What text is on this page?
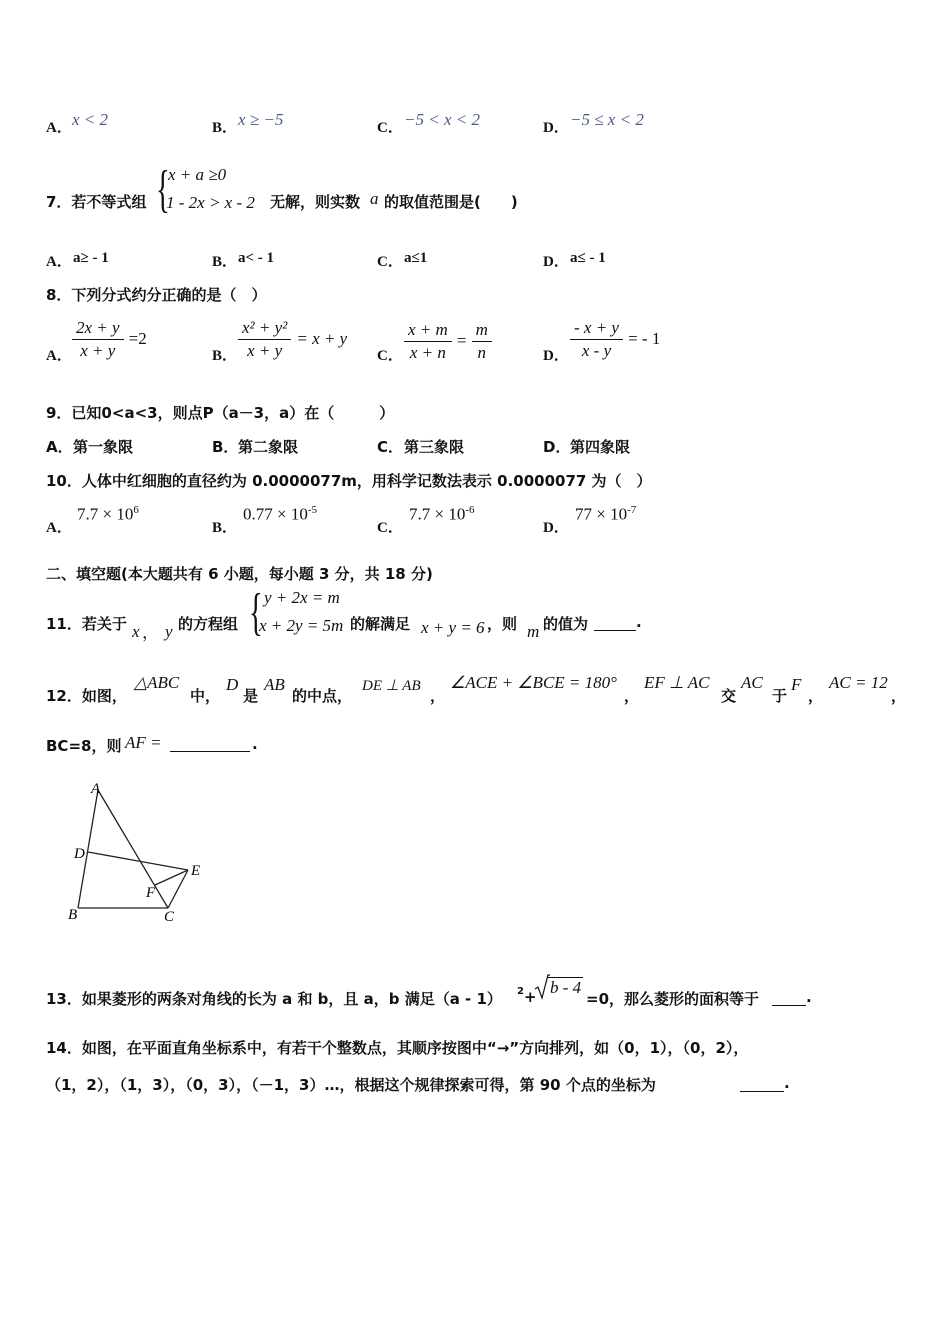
A． x < 2	B． x ≥ −5	C． −5 < x < 2	D． −5 ≤ x < 2
7．若不等式组 {
x + a ≥0
1 - 2x > x - 2 无解，则实数 a 的取值范围是(　　)
A． a≥ - 1	B． a< - 1	C． a≤1	D． a≤ - 1
8．下列分式约分正确的是（　）
A． $\frac{2x + y}{x + y} =2$
B． $\frac{\text{x² + y²}}{x + y} = x + y$
C． $\frac{x + m}{x + n} = \frac{m}{n}$	D． $\frac{- x + y}{x - y}$ = - 1
9．已知0<a<3，则点P（a－3，a）在（　　　）
A． 第一象限	B． 第二象限	C． 第三象限	D． 第四象限
10．人体中红细胞的直径约为 0.0000077m，用科学记数法表示 0.0000077 为（　）
A．
$7.7 \times 10^6$
B．
$0.77 \times 10^{-5}$
C．
$7.7 \times 10^{-6}$
D．
$77 \times 10^{-7}$
二、填空题(本大题共有 6 小题，每小题 3 分，共 18 分)
11．若关于 x ， y 的方程组 { y + 2x = m
x + 2y = 5m 的解满足 x + y = 6 ，则 m 的值为	.
12．如图，
△ABC
中，
D
是
AB
的中点，
DE ⊥ AB
，
∠ACE + ∠BCE = 180°
，
EF ⊥ AC
交
AC
于
F
，
AC = 12
，
BC=8，则 AF =	.
A
D
B	C
E
F
13．如果菱形的两条对角线的长为 a 和 b，且 a，b 满足（a - 1） 2 + b - 4
=0，那么菱形的面积等于	.
14．如图，在平面直角坐标系中，有若干个整数点，其顺序按图中“→”方向排列，如（0，1），（0，2），
（1，2），（1，3），（0，3），（－1，3）…，根据这个规律探索可得，第 90 个点的坐标为	.
